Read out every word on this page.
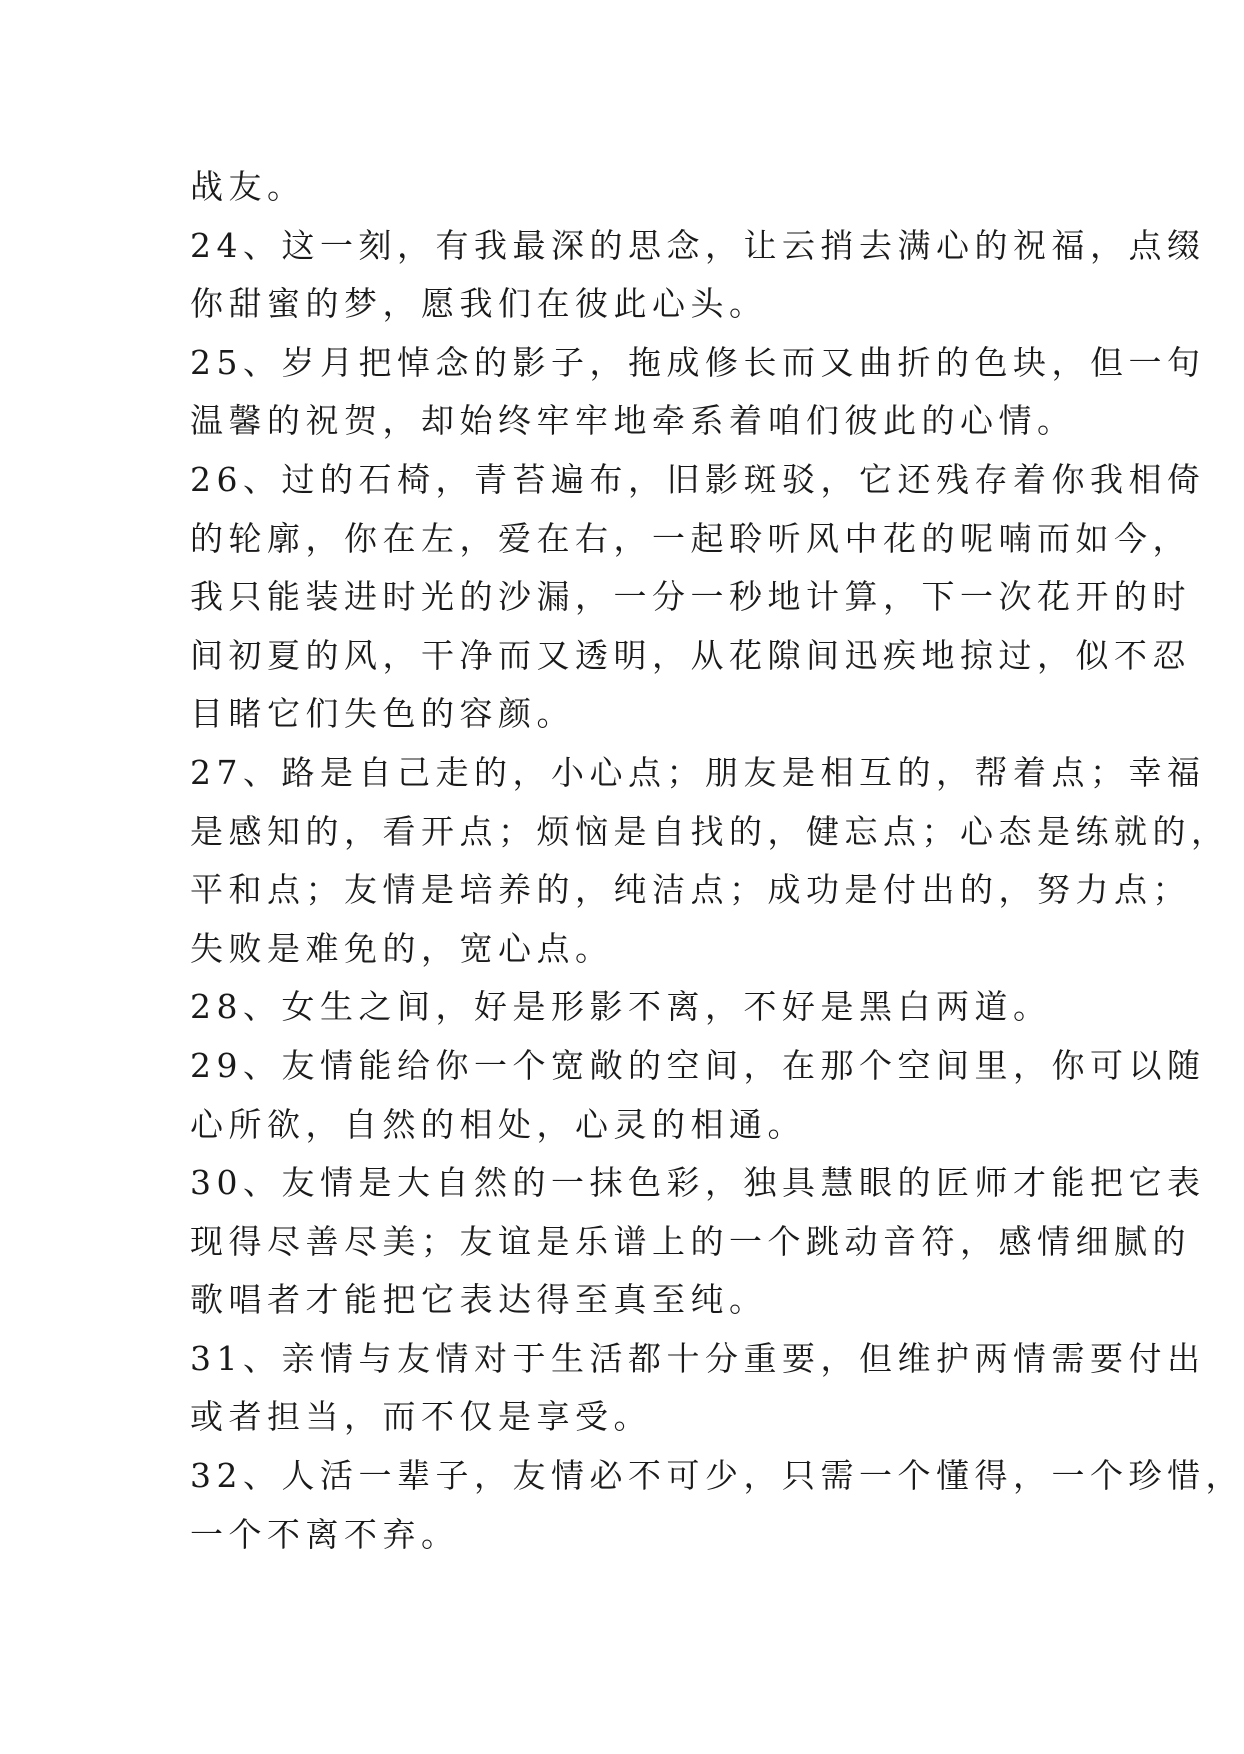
战友。

24、这一刻，有我最深的思念，让云捎去满心的祝福，点缀
你甜蜜的梦，愿我们在彼此心头。

25、岁月把悼念的影子，拖成修长而又曲折的色块，但一句
温馨的祝贺，却始终牢牢地牵系着咱们彼此的心情。

26、过的石椅，青苔遍布，旧影斑驳，它还残存着你我相倚
的轮廓，你在左，爱在右，一起聆听风中花的呢喃而如今，
我只能装进时光的沙漏，一分一秒地计算，下一次花开的时
间初夏的风，干净而又透明，从花隙间迅疾地掠过，似不忍
目睹它们失色的容颜。

27、路是自己走的，小心点；朋友是相互的，帮着点；幸福
是感知的，看开点；烦恼是自找的，健忘点；心态是练就的，
平和点；友情是培养的，纯洁点；成功是付出的，努力点；
失败是难免的，宽心点。

28、女生之间，好是形影不离，不好是黑白两道。

29、友情能给你一个宽敞的空间，在那个空间里，你可以随
心所欲，自然的相处，心灵的相通。

30、友情是大自然的一抹色彩，独具慧眼的匠师才能把它表
现得尽善尽美；友谊是乐谱上的一个跳动音符，感情细腻的
歌唱者才能把它表达得至真至纯。

31、亲情与友情对于生活都十分重要，但维护两情需要付出
或者担当，而不仅是享受。

32、人活一辈子，友情必不可少，只需一个懂得，一个珍惜，
一个不离不弃。
